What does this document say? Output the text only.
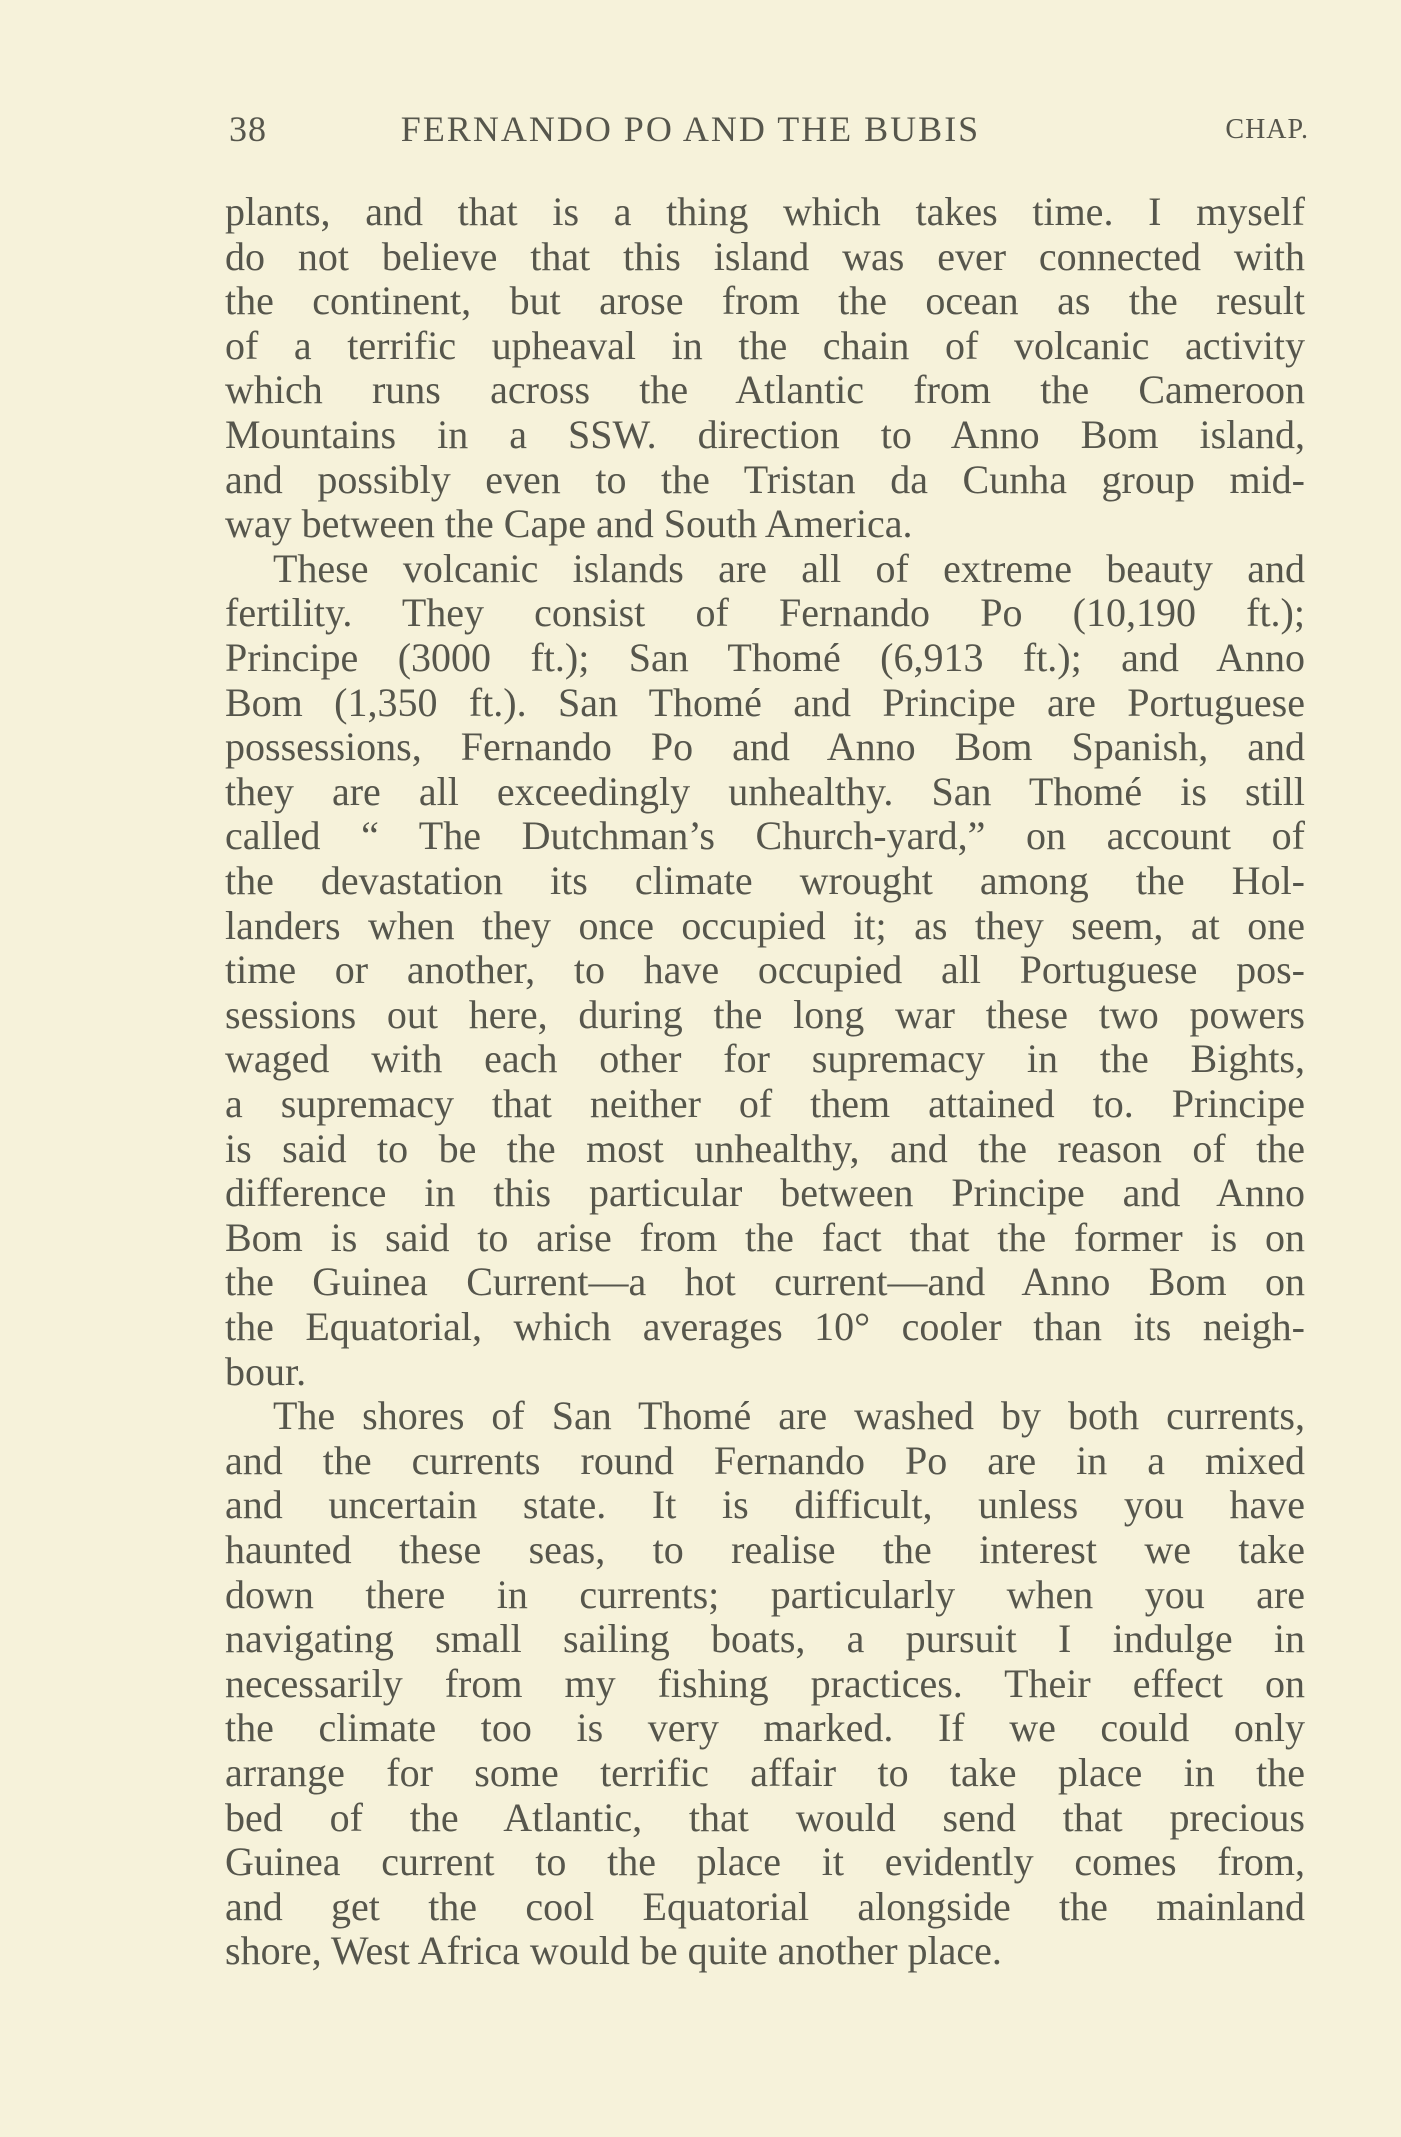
38	FERNANDO PO AND THE BUBIS	CHAP.
plants, and that is a thing which takes time. I myself
do not believe that this island was ever connected with
the continent, but arose from the ocean as the result
of a terrific upheaval in the chain of volcanic activity
which runs across the Atlantic from the Cameroon
Mountains in a SSW. direction to Anno Bom island,
and possibly even to the Tristan da Cunha group mid-
way between the Cape and South America.
These volcanic islands are all of extreme beauty and
fertility. They consist of Fernando Po (10,190 ft.);
Principe (3000 ft.); San Thomé (6,913 ft.); and Anno
Bom (1,350 ft.). San Thomé and Principe are Portuguese
possessions, Fernando Po and Anno Bom Spanish, and
they are all exceedingly unhealthy. San Thomé is still
called “ The Dutchman’s Church-yard,” on account of
the devastation its climate wrought among the Hol-
landers when they once occupied it; as they seem, at one
time or another, to have occupied all Portuguese pos-
sessions out here, during the long war these two powers
waged with each other for supremacy in the Bights,
a supremacy that neither of them attained to. Principe
is said to be the most unhealthy, and the reason of the
difference in this particular between Principe and Anno
Bom is said to arise from the fact that the former is on
the Guinea Current—a hot current—and Anno Bom on
the Equatorial, which averages 10° cooler than its neigh-
bour.
The shores of San Thomé are washed by both currents,
and the currents round Fernando Po are in a mixed
and uncertain state. It is difficult, unless you have
haunted these seas, to realise the interest we take
down there in currents; particularly when you are
navigating small sailing boats, a pursuit I indulge in
necessarily from my fishing practices. Their effect on
the climate too is very marked. If we could only
arrange for some terrific affair to take place in the
bed of the Atlantic, that would send that precious
Guinea current to the place it evidently comes from,
and get the cool Equatorial alongside the mainland
shore, West Africa would be quite another place.
